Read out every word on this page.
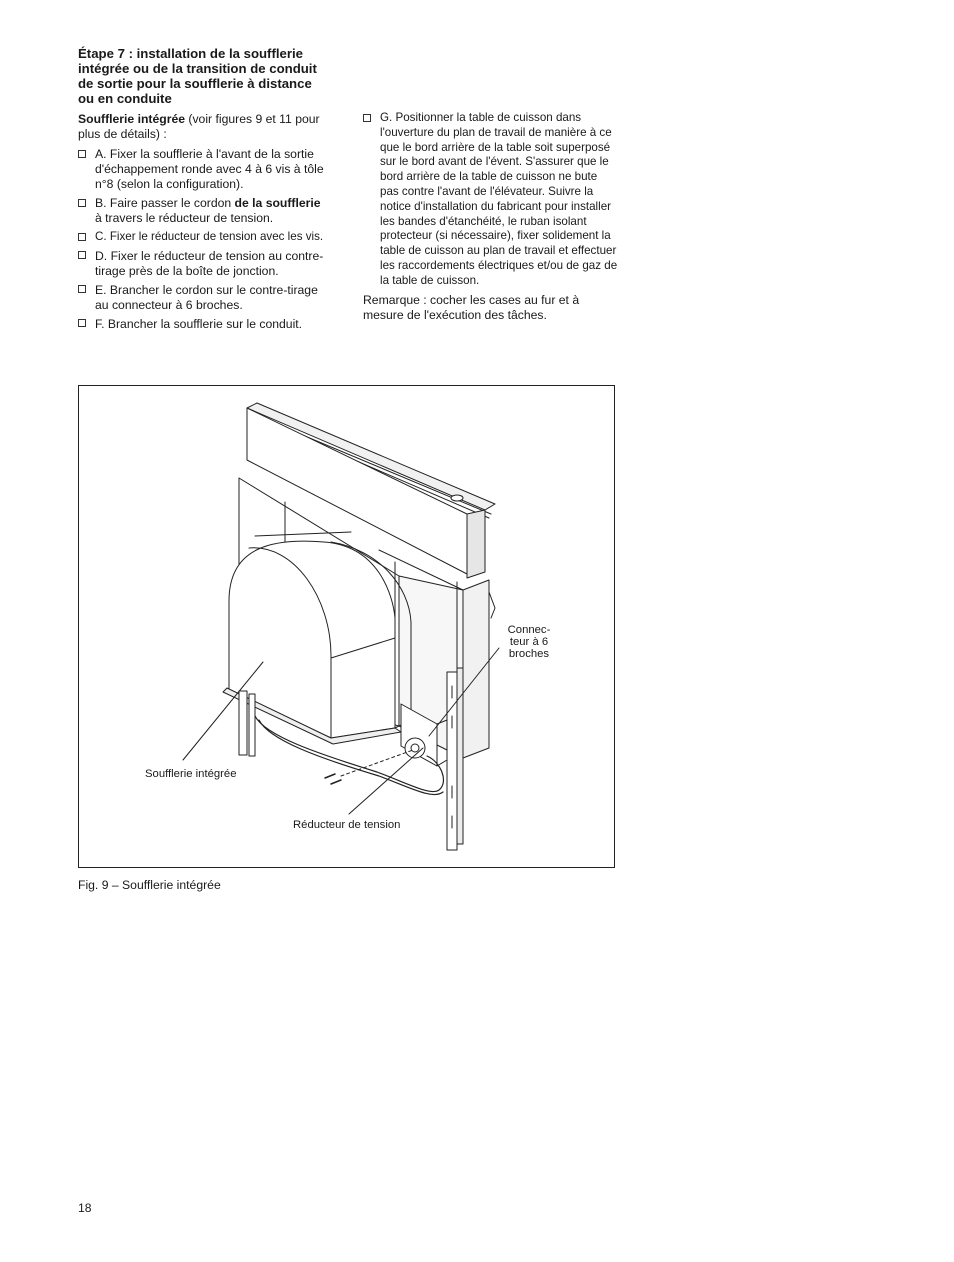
Étape 7 : installation de la soufflerie intégrée ou de la transition de conduit de sortie pour la soufflerie à distance ou en conduite
Soufflerie intégrée (voir figures 9 et 11 pour plus de détails) :
A. Fixer la soufflerie à l'avant de la sortie d'échappement ronde avec 4 à 6 vis à tôle n°8 (selon la configuration).
B. Faire passer le cordon de la soufflerie à travers le réducteur de tension.
C. Fixer le réducteur de tension avec les vis.
D. Fixer le réducteur de tension au contre-tirage près de la boîte de jonction.
E. Brancher le cordon sur le contre-tirage au connecteur à 6 broches.
F. Brancher la soufflerie sur le conduit.
G. Positionner la table de cuisson dans l'ouverture du plan de travail de manière à ce que le bord arrière de la table soit superposé sur le bord avant de l'évent. S'assurer que le bord arrière de la table de cuisson ne bute pas contre l'avant de l'élévateur. Suivre la notice d'installation du fabricant pour installer les bandes d'étanchéité, le ruban isolant protecteur (si nécessaire), fixer solidement la table de cuisson au plan de travail et effectuer les raccordements électriques et/ou de gaz de la table de cuisson.
Remarque : cocher les cases au fur et à mesure de l'exécution des tâches.
Connec- teur à 6 broches
Soufflerie intégrée
Réducteur de tension
Fig. 9 – Soufflerie intégrée
18
